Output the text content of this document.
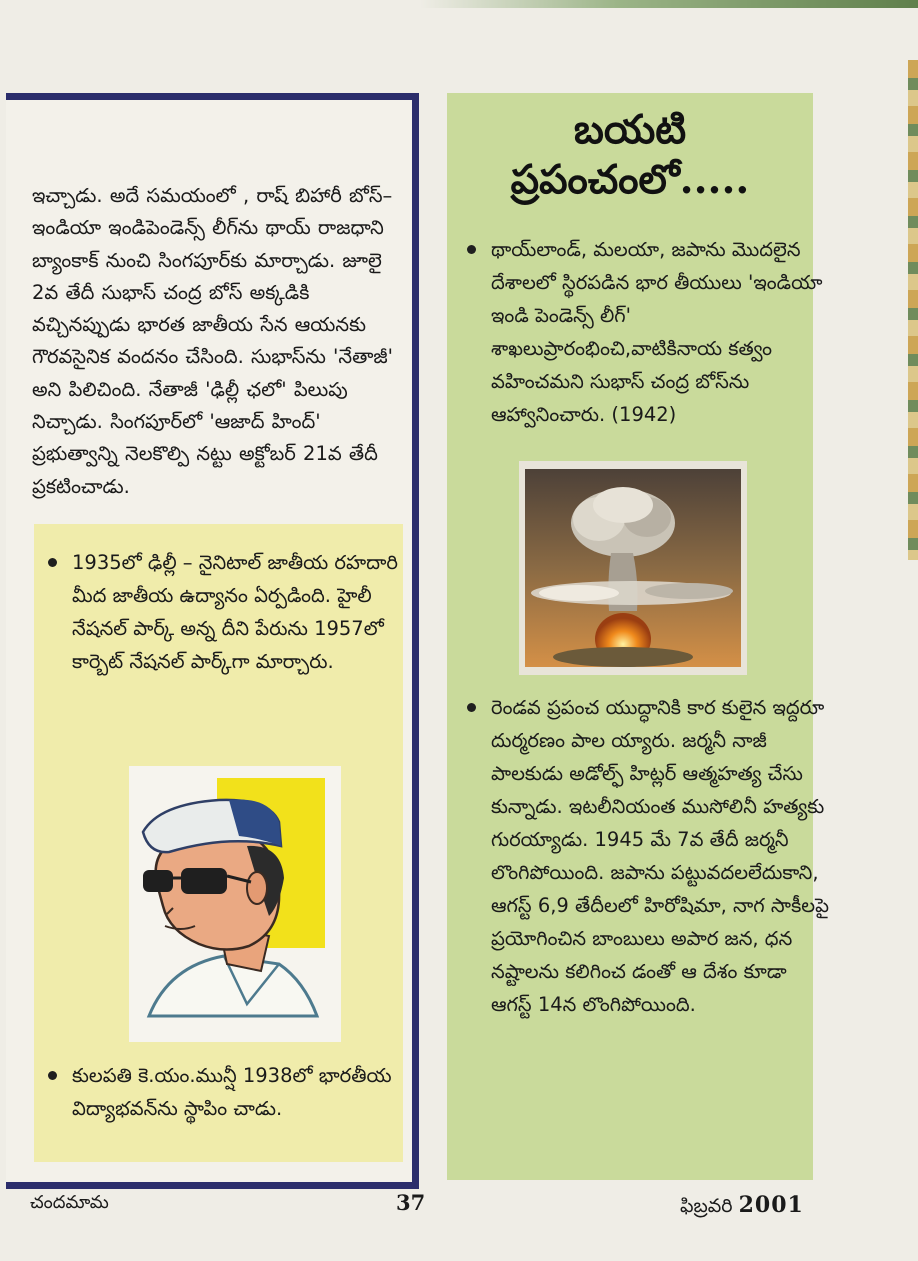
ఇచ్చాడు. అదే సమయంలో , రాష్ బిహారీ బోస్–ఇండియా ఇండిపెండెన్స్ లీగ్‌ను థాయ్ రాజధాని బ్యాంకాక్ నుంచి సింగపూర్‌కు మార్చాడు. జూలై 2వ తేదీ సుభాస్ చంద్ర బోస్ అక్కడికి వచ్చినప్పుడు భారత జాతీయ సేన ఆయనకు గౌరవసైనిక వందనం చేసింది. సుభాస్‌ను 'నేతాజీ' అని పిలిచింది. నేతాజీ 'ఢిల్లీ ఛలో' పిలుపు నిచ్చాడు. సింగపూర్‌లో 'ఆజాద్ హింద్' ప్రభుత్వాన్ని నెలకొల్పి నట్టు అక్టోబర్ 21వ తేదీ ప్రకటించాడు.

1935లో ఢిల్లీ – నైనిటాల్ జాతీయ రహదారి మీద జాతీయ ఉద్యానం ఏర్పడింది. హైలీ నేషనల్ పార్క్ అన్న దీని పేరును 1957లో కార్బెట్ నేషనల్ పార్క్‌గా మార్చారు.
కులపతి కె.యం.మున్షీ 1938లో భారతీయ విద్యాభవన్‌ను స్థాపిం చాడు.
బయటి
ప్రపంచంలో.....
థాయ్‌లాండ్, మలయా, జపాను మొదలైన దేశాలలో స్థిరపడిన భార తీయులు 'ఇండియా ఇండి పెండెన్స్ లీగ్' శాఖలుప్రారంభించి,వాటికినాయ కత్వం వహించమని సుభాస్ చంద్ర బోస్‌ను ఆహ్వానించారు. (1942)
రెండవ ప్రపంచ యుద్ధానికి కార కులైన ఇద్దరూ దుర్మరణం పాల య్యారు. జర్మనీ నాజీ పాలకుడు అడోల్ఫ్ హిట్లర్ ఆత్మహత్య చేసు కున్నాడు. ఇటలీనియంత ముసోలినీ హత్యకు గురయ్యాడు. 1945 మే 7వ తేదీ జర్మనీ లొంగిపోయింది. జపాను పట్టువదలలేదుకాని, ఆగస్ట్ 6,9 తేదీలలో హిరోషిమా, నాగ సాకీలపై ప్రయోగించిన బాంబులు అపార జన, ధన నష్టాలను కలిగించ డంతో ఆ దేశం కూడా ఆగస్ట్ 14న లొంగిపోయింది.
చందమామ	37	ఫిబ్రవరి 2001
